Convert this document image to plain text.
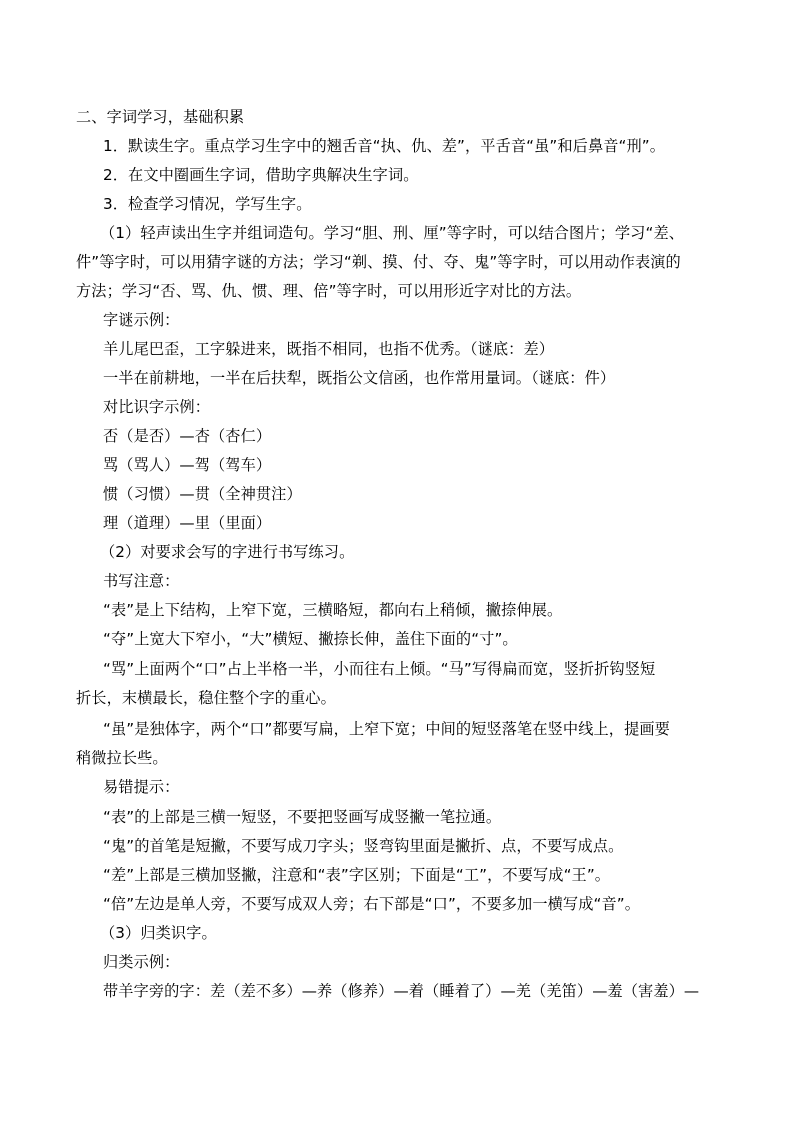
二、字词学习，基础积累
1．默读生字。重点学习生字中的翘舌音“执、仇、差”，平舌音“虽”和后鼻音“刑”。
2．在文中圈画生字词，借助字典解决生字词。
3．检查学习情况，学写生字。
（1）轻声读出生字并组词造句。学习“胆、刑、厘”等字时，可以结合图片；学习“差、
件”等字时，可以用猜字谜的方法；学习“剃、摸、付、夺、鬼”等字时，可以用动作表演的
方法；学习“否、骂、仇、惯、理、倍”等字时，可以用形近字对比的方法。
字谜示例：
羊儿尾巴歪，工字躲进来，既指不相同，也指不优秀。（谜底：差）
一半在前耕地，一半在后扶犁，既指公文信函，也作常用量词。（谜底：件）
对比识字示例：
否（是否）—杏（杏仁）
骂（骂人）—驾（驾车）
惯（习惯）—贯（全神贯注）
理（道理）—里（里面）
（2）对要求会写的字进行书写练习。
书写注意：
“表”是上下结构，上窄下宽，三横略短，都向右上稍倾，撇捺伸展。
“夺”上宽大下窄小，“大”横短、撇捺长伸，盖住下面的“寸”。
“骂”上面两个“口”占上半格一半，小而往右上倾。“马”写得扁而宽，竖折折钩竖短
折长，末横最长，稳住整个字的重心。
“虽”是独体字，两个“口”都要写扁，上窄下宽；中间的短竖落笔在竖中线上，提画要
稍微拉长些。
易错提示：
“表”的上部是三横一短竖，不要把竖画写成竖撇一笔拉通。
“鬼”的首笔是短撇，不要写成刀字头；竖弯钩里面是撇折、点，不要写成点。
“差”上部是三横加竖撇，注意和“表”字区别；下面是“工”，不要写成“王”。
“倍”左边是单人旁，不要写成双人旁；右下部是“口”，不要多加一横写成“音”。
（3）归类识字。
归类示例：
带羊字旁的字：差（差不多）—养（修养）—着（睡着了）—羌（羌笛）—羞（害羞）—
